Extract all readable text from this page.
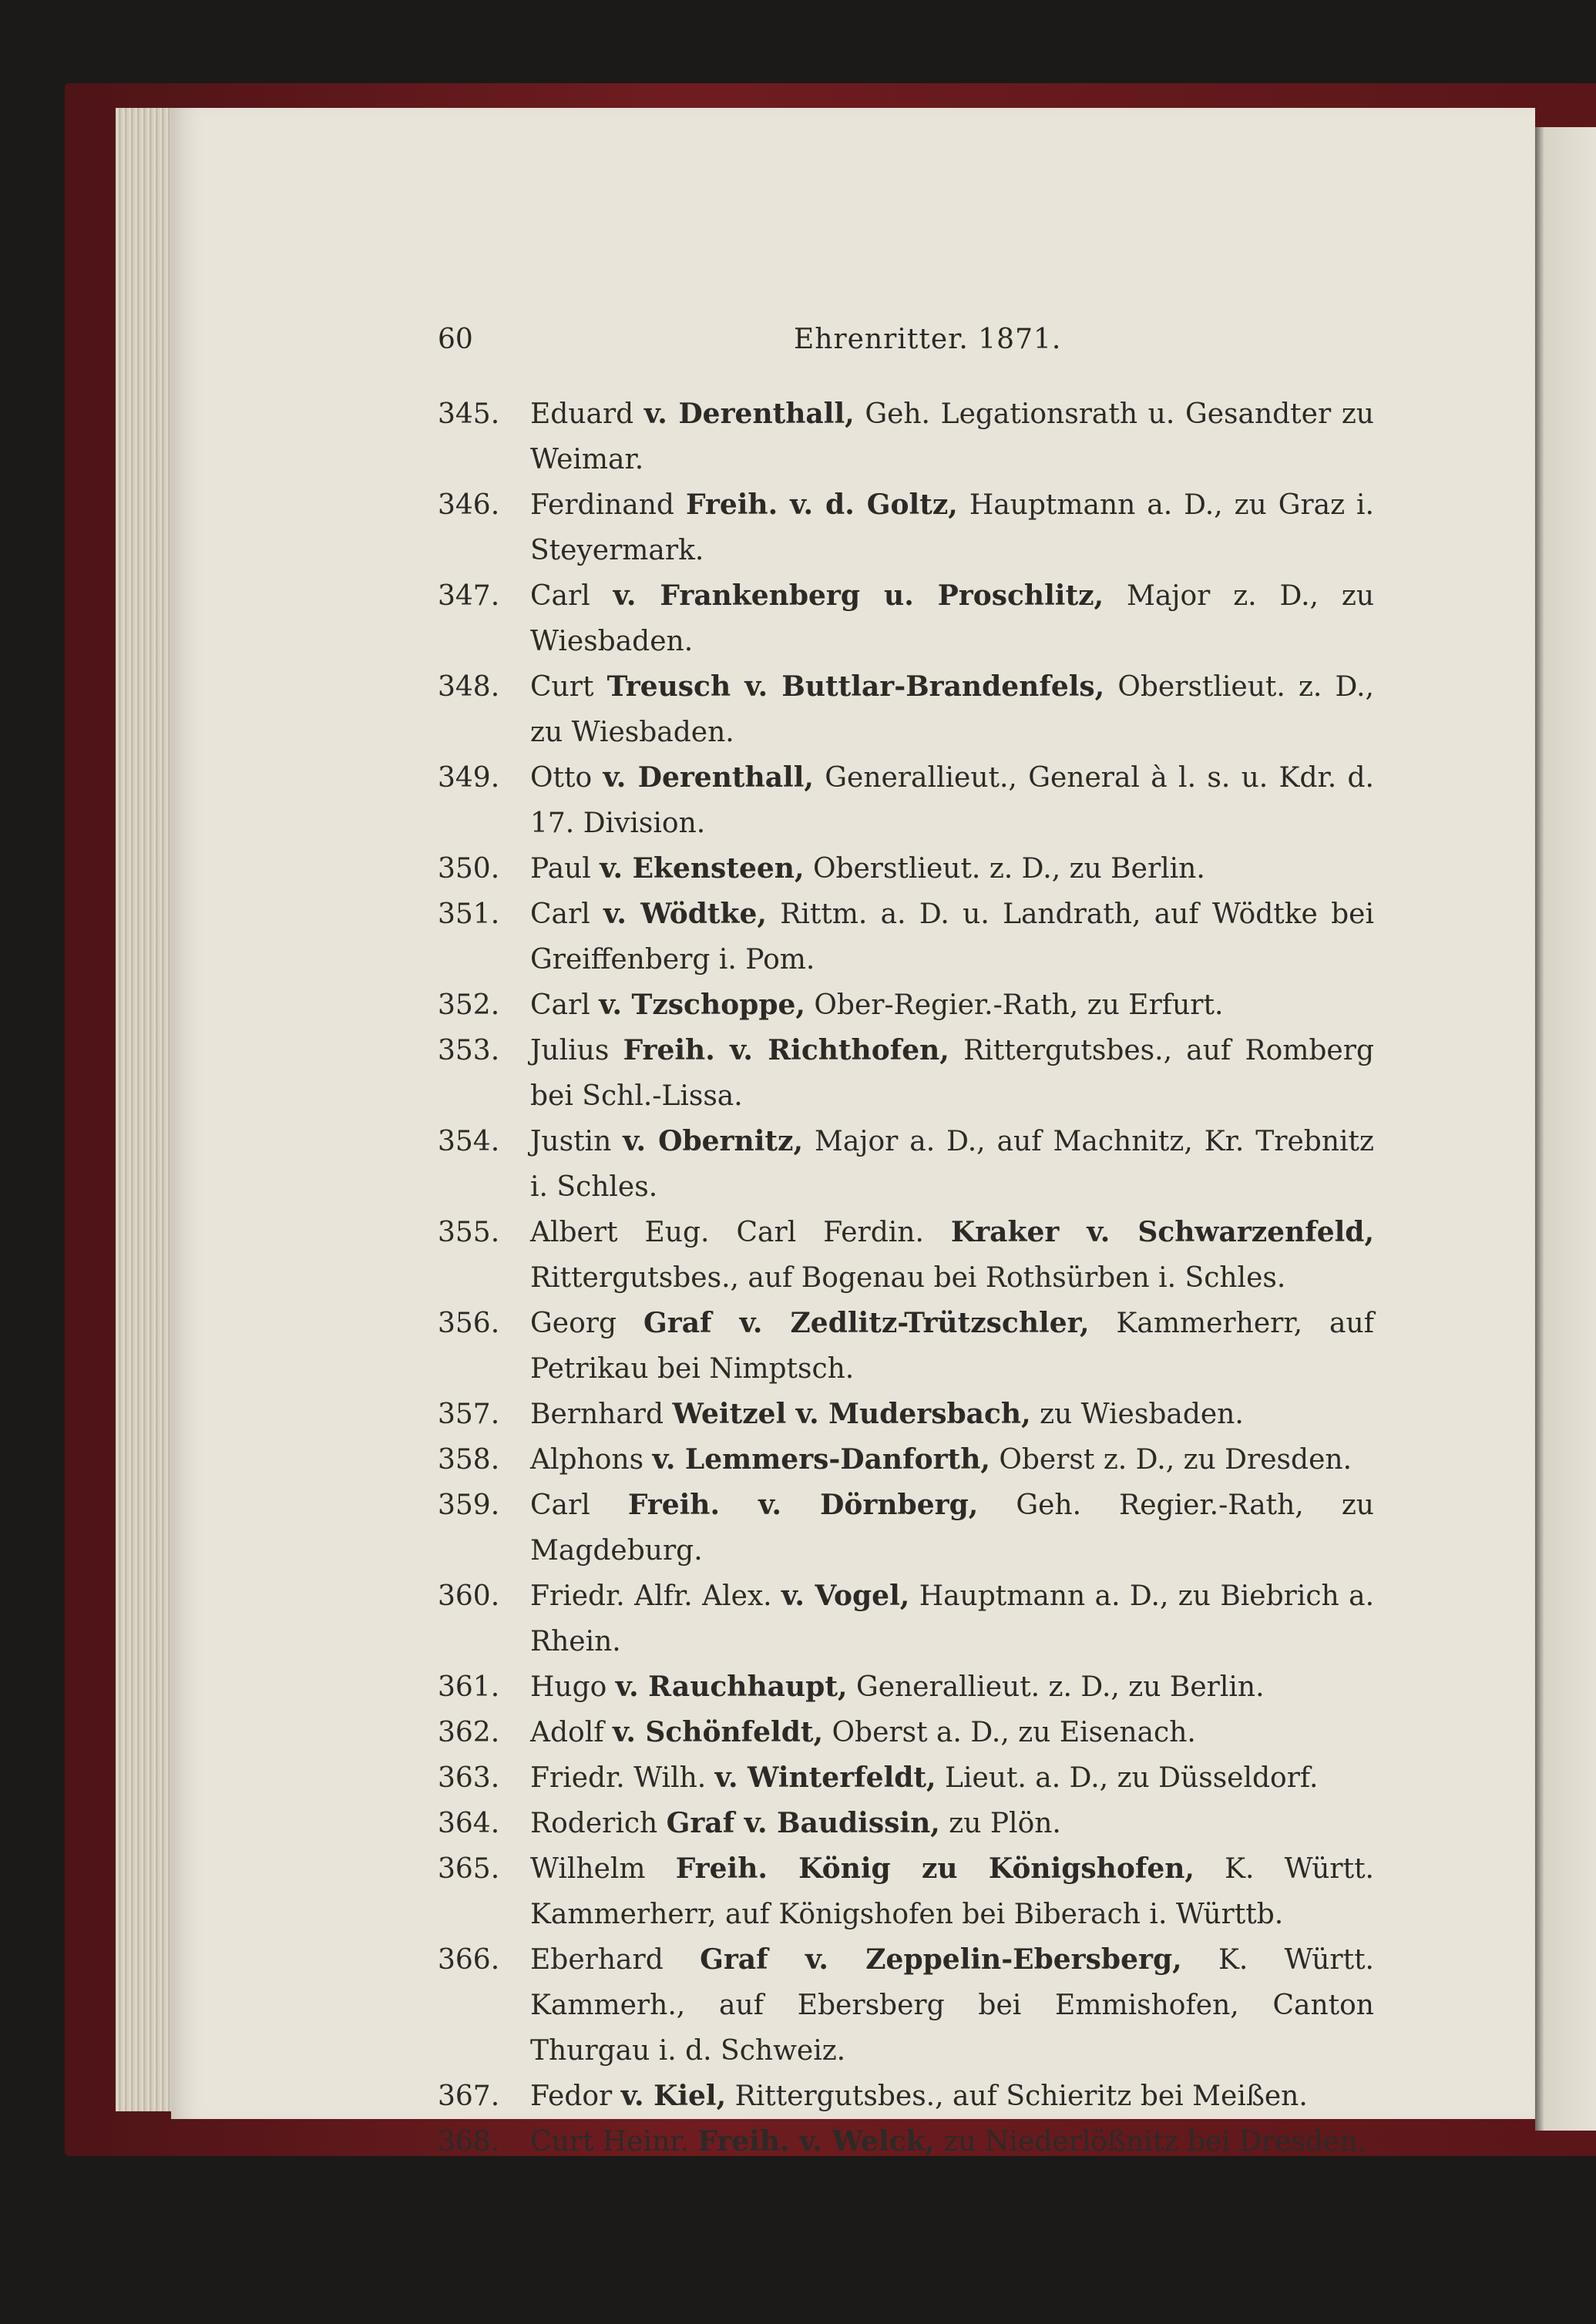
60	Ehrenritter. 1871.
345. Eduard v. Derenthall, Geh. Legationsrath u. Gesandter zu Weimar.
346. Ferdinand Freih. v. d. Goltz, Hauptmann a. D., zu Graz i. Steyermark.
347. Carl v. Frankenberg u. Proschlitz, Major z. D., zu Wiesbaden.
348. Curt Treusch v. Buttlar-Brandenfels, Oberstlieut. z. D., zu Wiesbaden.
349. Otto v. Derenthall, Generallieut., General à l. s. u. Kdr. d. 17. Division.
350. Paul v. Ekensteen, Oberstlieut. z. D., zu Berlin.
351. Carl v. Wödtke, Rittm. a. D. u. Landrath, auf Wödtke bei Greiffenberg i. Pom.
352. Carl v. Tzschoppe, Ober-Regier.-Rath, zu Erfurt.
353. Julius Freih. v. Richthofen, Rittergutsbes., auf Romberg bei Schl.-Lissa.
354. Justin v. Obernitz, Major a. D., auf Machnitz, Kr. Trebnitz i. Schles.
355. Albert Eug. Carl Ferdin. Kraker v. Schwarzenfeld, Rittergutsbes., auf Bogenau bei Rothsürben i. Schles.
356. Georg Graf v. Zedlitz-Trützschler, Kammerherr, auf Petrikau bei Nimptsch.
357. Bernhard Weitzel v. Mudersbach, zu Wiesbaden.
358. Alphons v. Lemmers-Danforth, Oberst z. D., zu Dresden.
359. Carl Freih. v. Dörnberg, Geh. Regier.-Rath, zu Magdeburg.
360. Friedr. Alfr. Alex. v. Vogel, Hauptmann a. D., zu Biebrich a. Rhein.
361. Hugo v. Rauchhaupt, Generallieut. z. D., zu Berlin.
362. Adolf v. Schönfeldt, Oberst a. D., zu Eisenach.
363. Friedr. Wilh. v. Winterfeldt, Lieut. a. D., zu Düsseldorf.
364. Roderich Graf v. Baudissin, zu Plön.
365. Wilhelm Freih. König zu Königshofen, K. Württ. Kammerherr, auf Königshofen bei Biberach i. Württb.
366. Eberhard Graf v. Zeppelin-Ebersberg, K. Württ. Kammerh., auf Ebersberg bei Emmishofen, Canton Thurgau i. d. Schweiz.
367. Fedor v. Kiel, Rittergutsbes., auf Schieritz bei Meißen.
368. Curt Heinr. Freih. v. Welck, zu Niederlößnitz bei Dresden.
